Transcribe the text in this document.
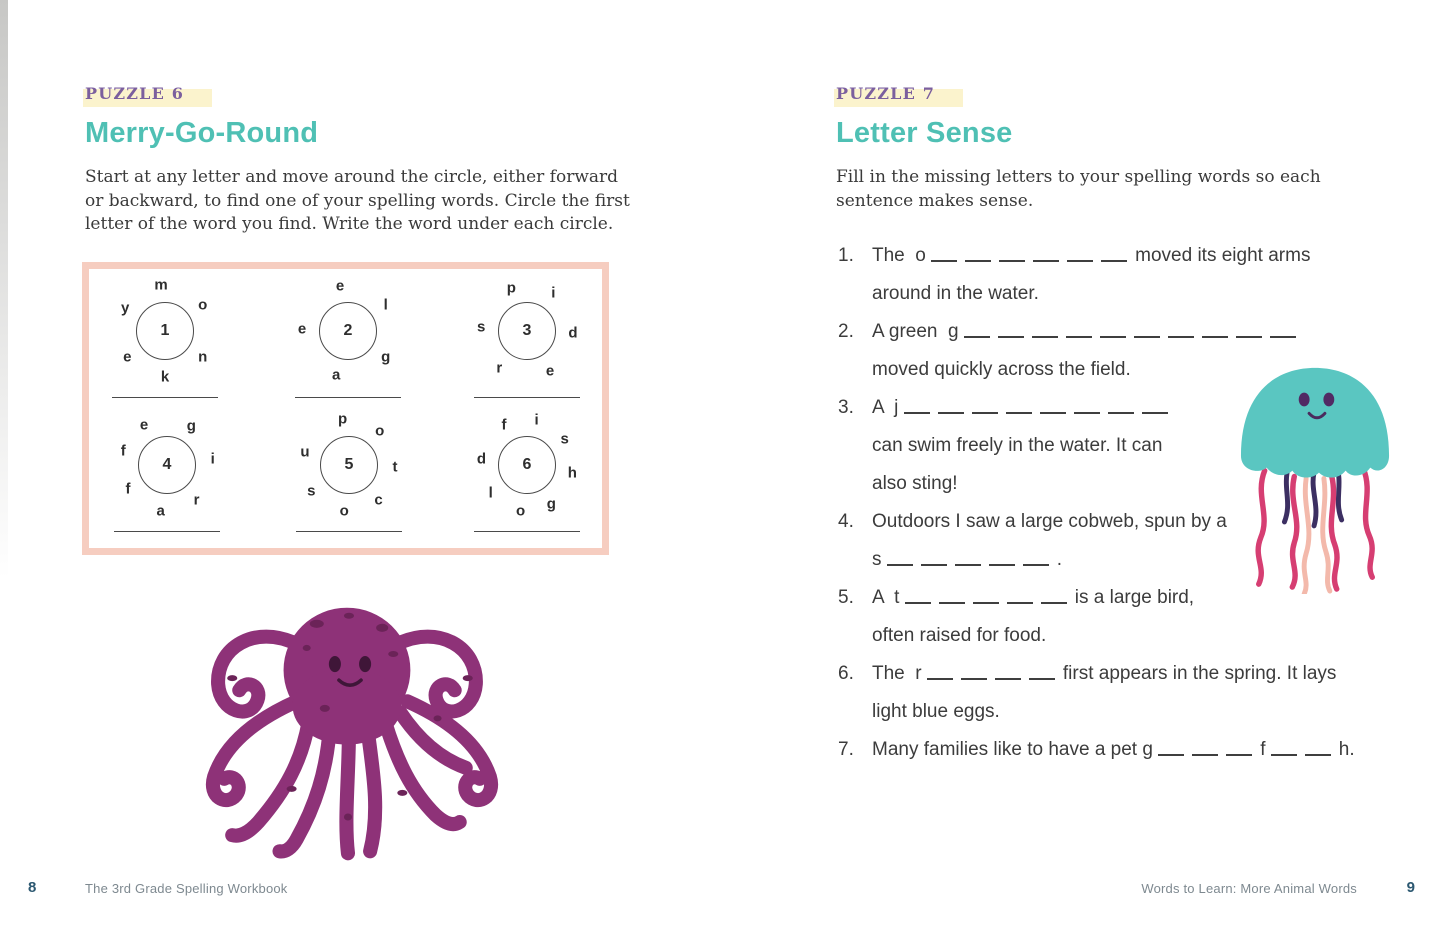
PUZZLE 6
Merry-Go-Round
Start at any letter and move around the circle, either forward or backward, to find one of your spelling words. Circle the first letter of the word you find. Write the word under each circle.
1
m
o
n
k
e
y
2
e
l
g
a
e	3
p i
d
e
r
s
4
e	g
i
r
a
f
f
5
p
o
t
c
o
s
u
6
f i
s
h
g
o
l
d
PUZZLE 7
Letter Sense
Fill in the missing letters to your spelling words so each sentence makes sense.
1. The  o	moved its eight arms
around in the water.
2. A green  g
moved quickly across the field.
3. A  j
can swim freely in the water. It can
also sting!
4. Outdoors I saw a large cobweb, spun by a
s	.
5. A  t	is a large bird,
often raised for food.
6. The  r	first appears in the spring. It lays
light blue eggs.
7. Many families like to have a pet g	f	h.
8	The 3rd Grade Spelling Workbook	Words to Learn: More Animal Words	9
